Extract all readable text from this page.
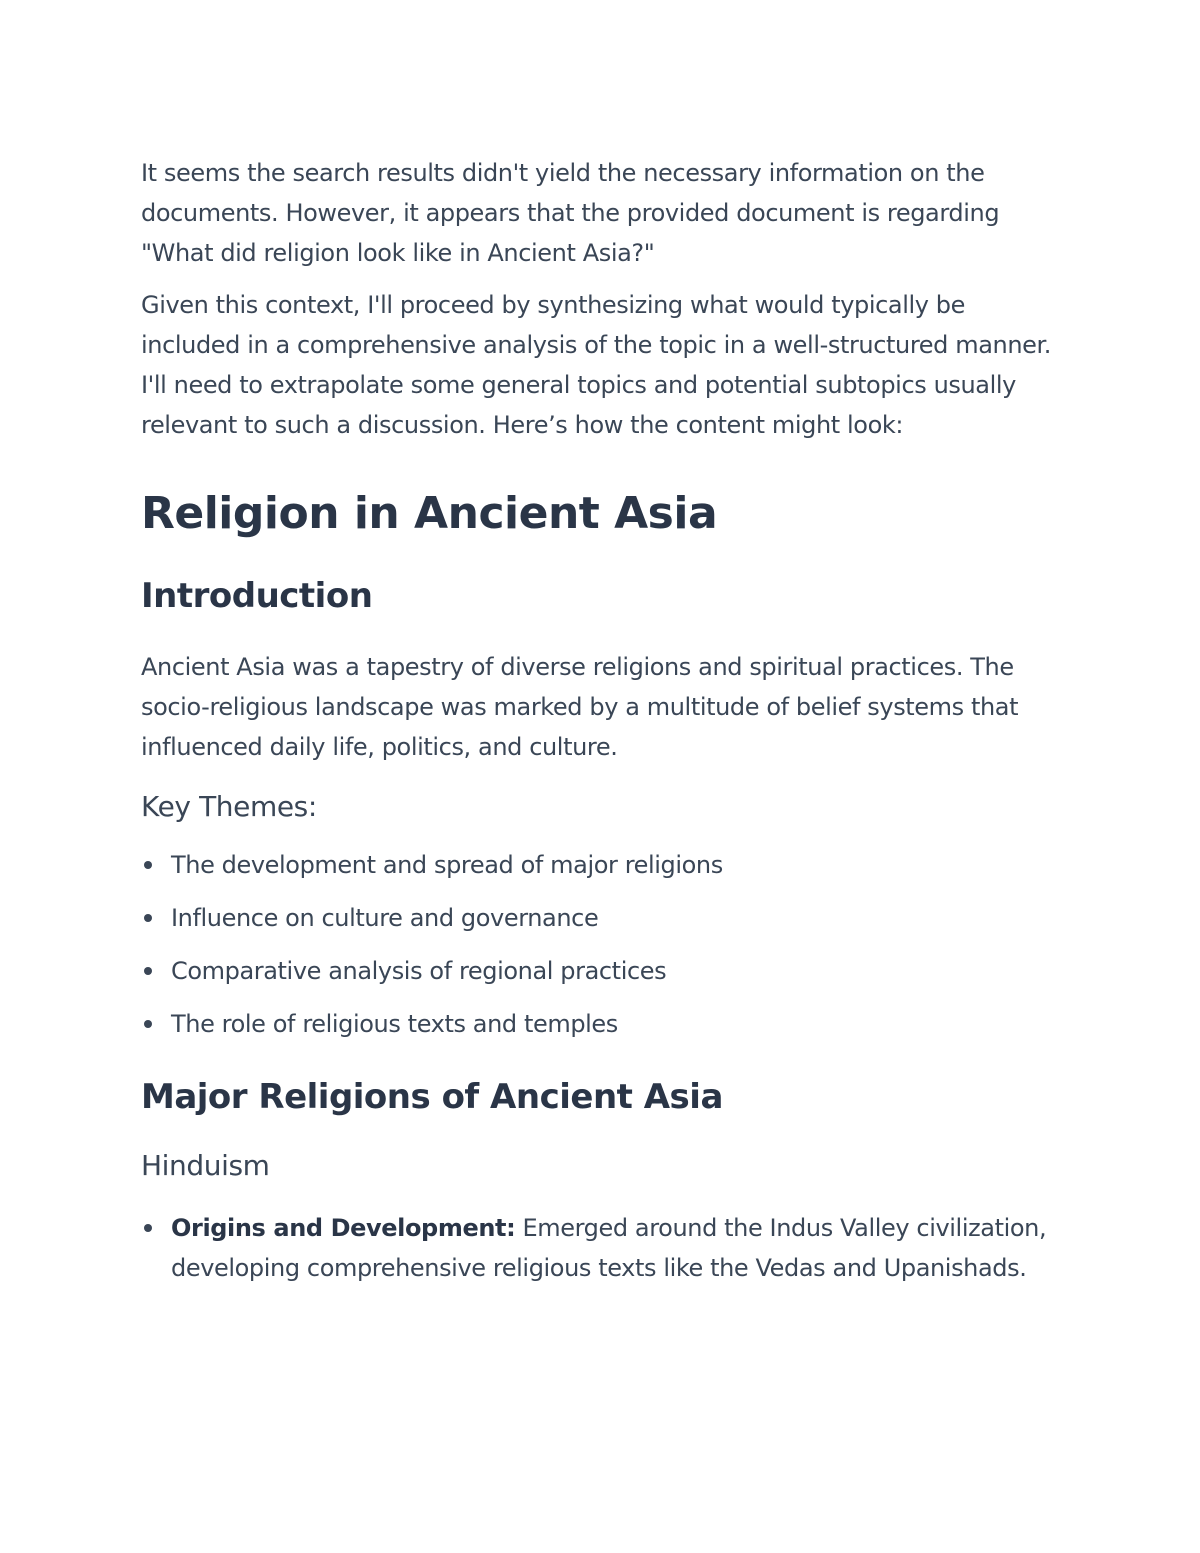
It seems the search results didn't yield the necessary information on the documents. However, it appears that the provided document is regarding "What did religion look like in Ancient Asia?"

Given this context, I'll proceed by synthesizing what would typically be included in a comprehensive analysis of the topic in a well-structured manner. I'll need to extrapolate some general topics and potential subtopics usually relevant to such a discussion. Here’s how the content might look:

Religion in Ancient Asia
Introduction

Ancient Asia was a tapestry of diverse religions and spiritual practices. The socio-religious landscape was marked by a multitude of belief systems that influenced daily life, politics, and culture.

Key Themes:
The development and spread of major religions
Influence on culture and governance
Comparative analysis of regional practices
The role of religious texts and temples
Major Religions of Ancient Asia
Hinduism
Origins and Development: Emerged around the Indus Valley civilization, developing comprehensive religious texts like the Vedas and Upanishads.
